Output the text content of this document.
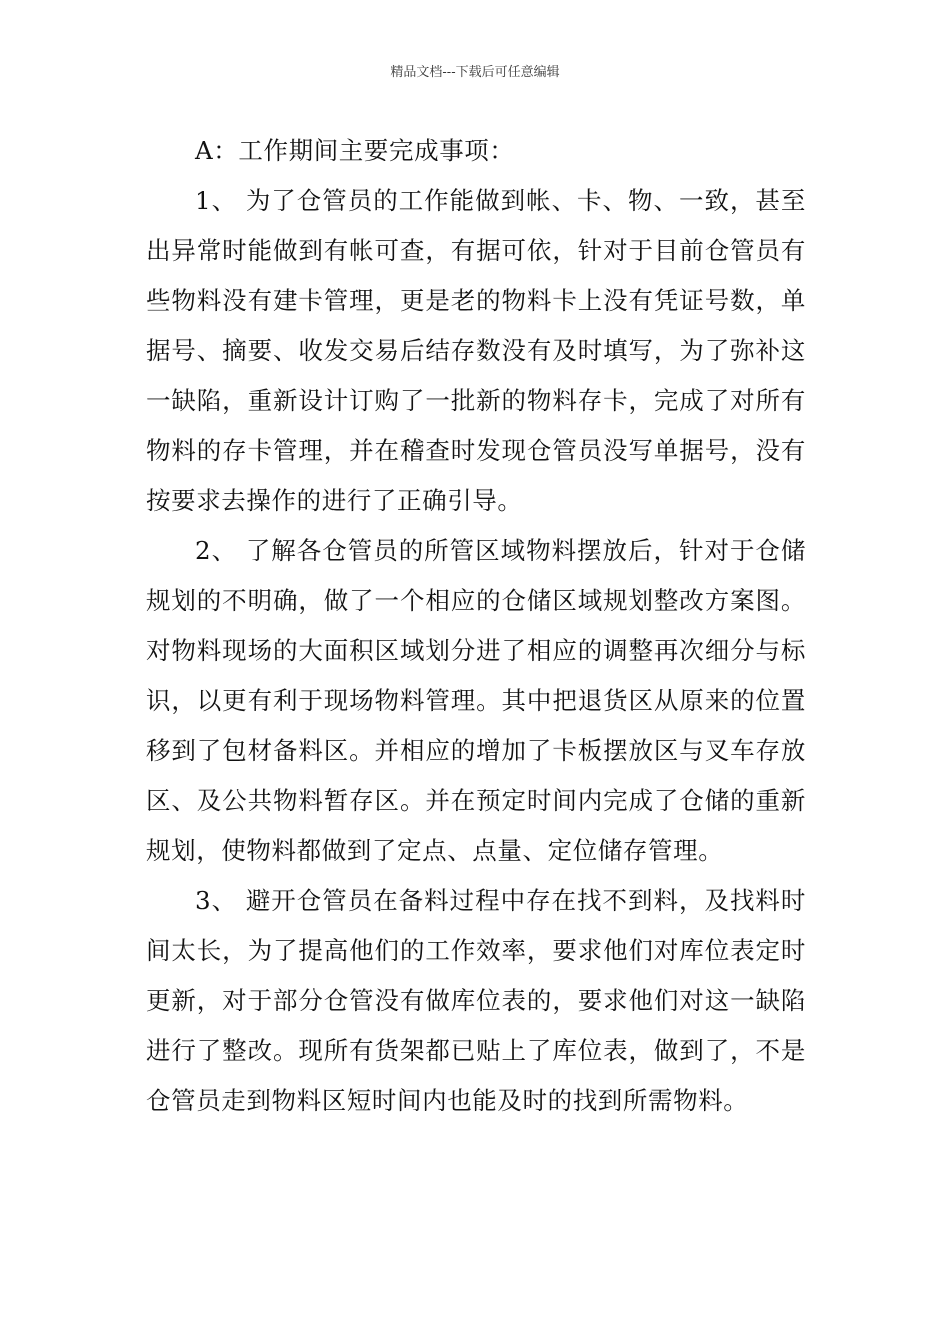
精品文档---下载后可任意编辑

A：工作期间主要完成事项：

1、 为了仓管员的工作能做到帐、卡、物、一致，甚至出异常时能做到有帐可查，有据可依，针对于目前仓管员有些物料没有建卡管理，更是老的物料卡上没有凭证号数，单据号、摘要、收发交易后结存数没有及时填写，为了弥补这一缺陷，重新设计订购了一批新的物料存卡，完成了对所有物料的存卡管理，并在稽查时发现仓管员没写单据号，没有按要求去操作的进行了正确引导。

2、 了解各仓管员的所管区域物料摆放后，针对于仓储规划的不明确，做了一个相应的仓储区域规划整改方案图。对物料现场的大面积区域划分进了相应的调整再次细分与标识，以更有利于现场物料管理。其中把退货区从原来的位置移到了包材备料区。并相应的增加了卡板摆放区与叉车存放区、及公共物料暂存区。并在预定时间内完成了仓储的重新规划，使物料都做到了定点、点量、定位储存管理。

3、 避开仓管员在备料过程中存在找不到料，及找料时间太长，为了提高他们的工作效率，要求他们对库位表定时更新，对于部分仓管没有做库位表的，要求他们对这一缺陷进行了整改。现所有货架都已贴上了库位表，做到了，不是仓管员走到物料区短时间内也能及时的找到所需物料。
